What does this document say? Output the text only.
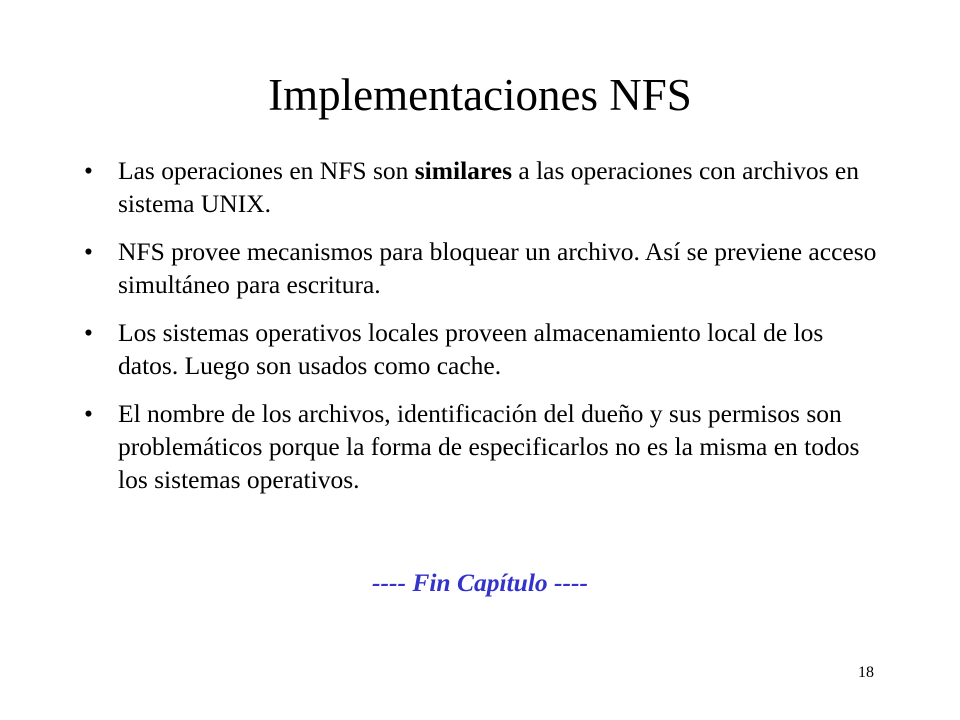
Implementaciones NFS
• Las operaciones en NFS son similares a las operaciones con archivos en sistema UNIX.
• NFS provee mecanismos para bloquear un archivo. Así se previene acceso simultáneo para escritura.
• Los sistemas operativos locales proveen almacenamiento local de los datos. Luego son usados como cache.
• El nombre de los archivos, identificación del dueño y sus permisos son problemáticos porque la forma de especificarlos no es la misma en todos los sistemas operativos.

---- Fin Capítulo ----

18
